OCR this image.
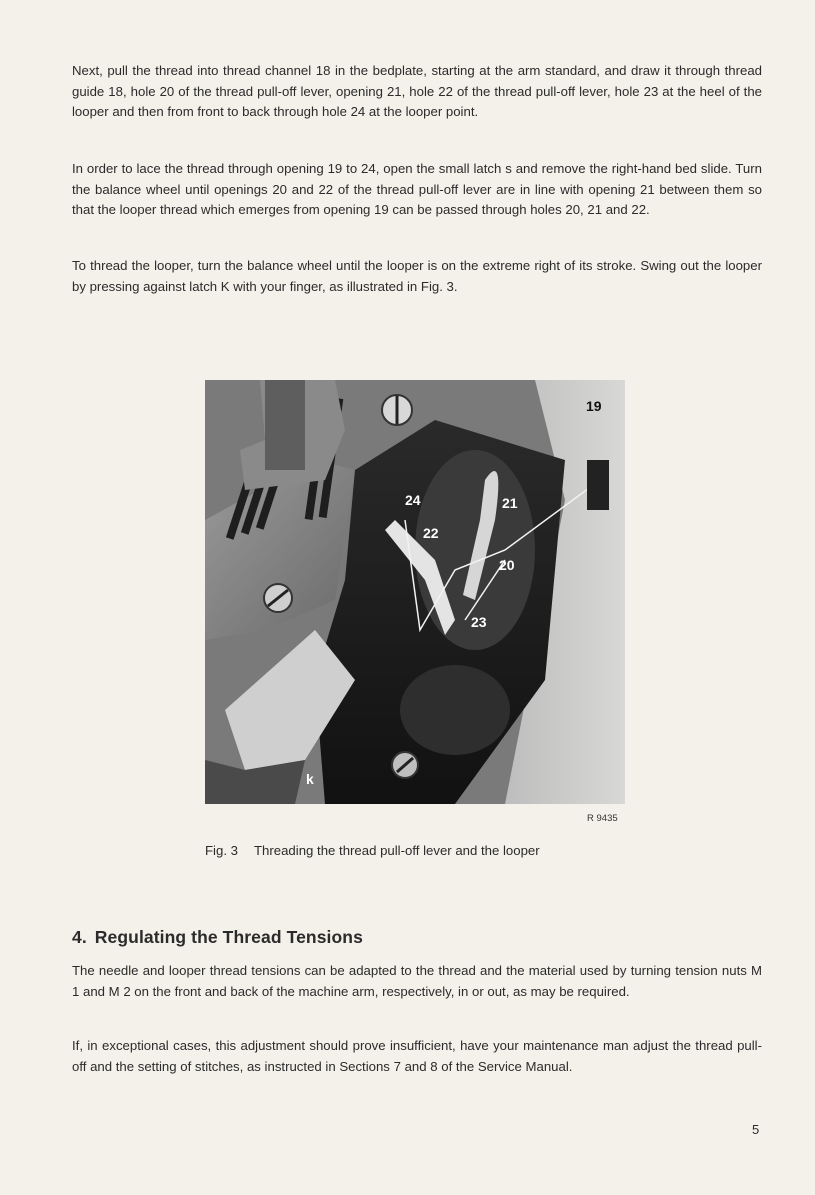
Next, pull the thread into thread channel 18 in the bedplate, starting at the arm standard, and draw it through thread guide 18, hole 20 of the thread pull-off lever, opening 21, hole 22 of the thread pull-off lever, hole 23 at the heel of the looper and then from front to back through hole 24 at the looper point.

In order to lace the thread through opening 19 to 24, open the small latch s and remove the right-hand bed slide. Turn the balance wheel until openings 20 and 22 of the thread pull-off lever are in line with opening 21 between them so that the looper thread which emerges from opening 19 can be passed through holes 20, 21 and 22.

To thread the looper, turn the balance wheel until the looper is on the extreme right of its stroke. Swing out the looper by pressing against latch K with your finger, as illustrated in Fig. 3.

19
24	21
22
20
23
k
R 9435
Fig. 3 Threading the thread pull-off lever and the looper
4. Regulating the Thread Tensions

The needle and looper thread tensions can be adapted to the thread and the material used by turning tension nuts M 1 and M 2 on the front and back of the machine arm, respectively, in or out, as may be required.

If, in exceptional cases, this adjustment should prove insufficient, have your maintenance man adjust the thread pull-off and the setting of stitches, as instructed in Sections 7 and 8 of the Service Manual.

5
